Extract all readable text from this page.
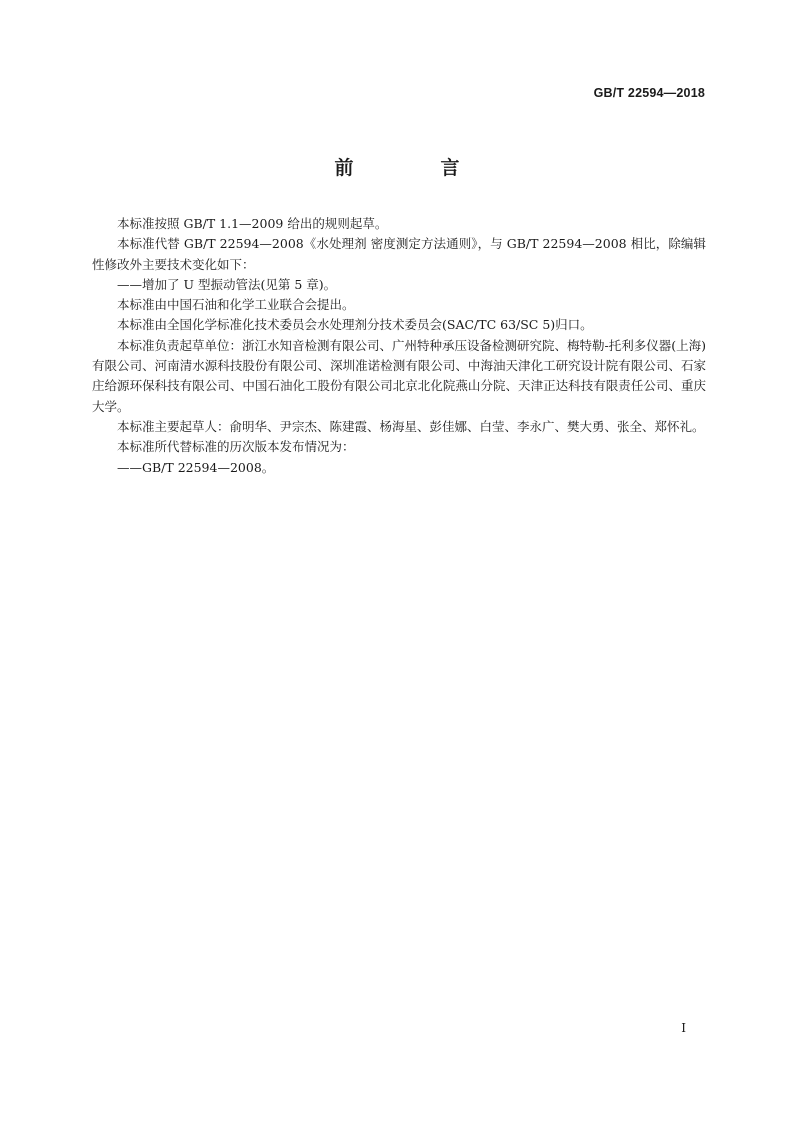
GB/T 22594—2018
前　言

本标准按照 GB/T 1.1—2009 给出的规则起草。

本标准代替 GB/T 22594—2008《水处理剂 密度测定方法通则》，与 GB/T 22594—2008 相比，除编辑性修改外主要技术变化如下：

——增加了 U 型振动管法(见第 5 章)。

本标准由中国石油和化学工业联合会提出。

本标准由全国化学标准化技术委员会水处理剂分技术委员会(SAC/TC 63/SC 5)归口。

本标准负责起草单位：浙江水知音检测有限公司、广州特种承压设备检测研究院、梅特勒-托利多仪器(上海)有限公司、河南清水源科技股份有限公司、深圳准诺检测有限公司、中海油天津化工研究设计院有限公司、石家庄给源环保科技有限公司、中国石油化工股份有限公司北京北化院燕山分院、天津正达科技有限责任公司、重庆大学。

本标准主要起草人：俞明华、尹宗杰、陈建霞、杨海星、彭佳娜、白莹、李永广、樊大勇、张全、郑怀礼。

本标准所代替标准的历次版本发布情况为：

——GB/T 22594—2008。

I
